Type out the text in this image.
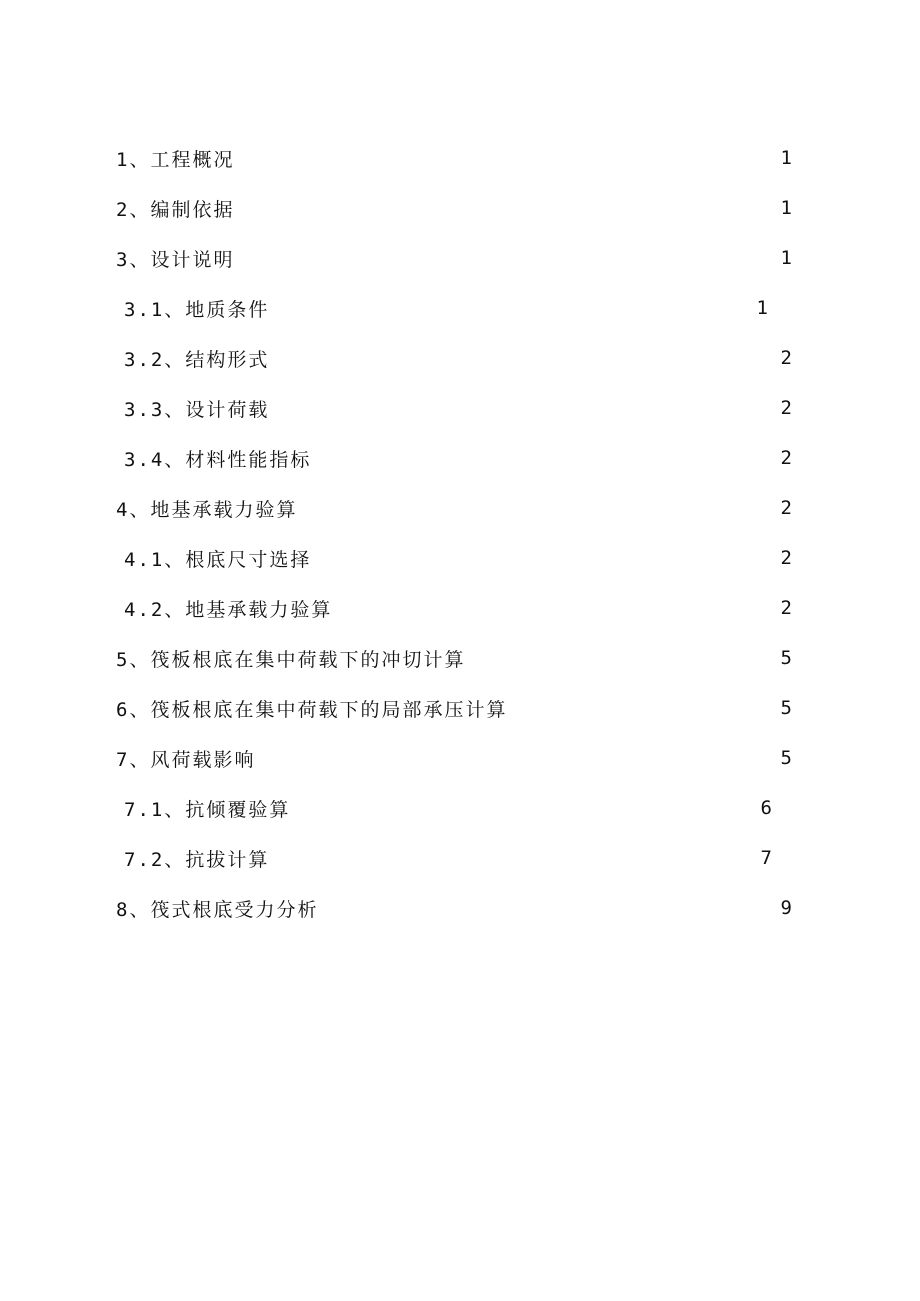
1、工程概况	1
2、编制依据	1
3、设计说明	1
3.1、地质条件	1
3.2、结构形式	2
3.3、设计荷载	2
3.4、材料性能指标	2
4、地基承载力验算	2
4.1、根底尺寸选择	2
4.2、地基承载力验算	2
5、筏板根底在集中荷载下的冲切计算	5
6、筏板根底在集中荷载下的局部承压计算	5
7、风荷载影响	5
7.1、抗倾覆验算	6
7.2、抗拔计算	7
8、筏式根底受力分析	9
